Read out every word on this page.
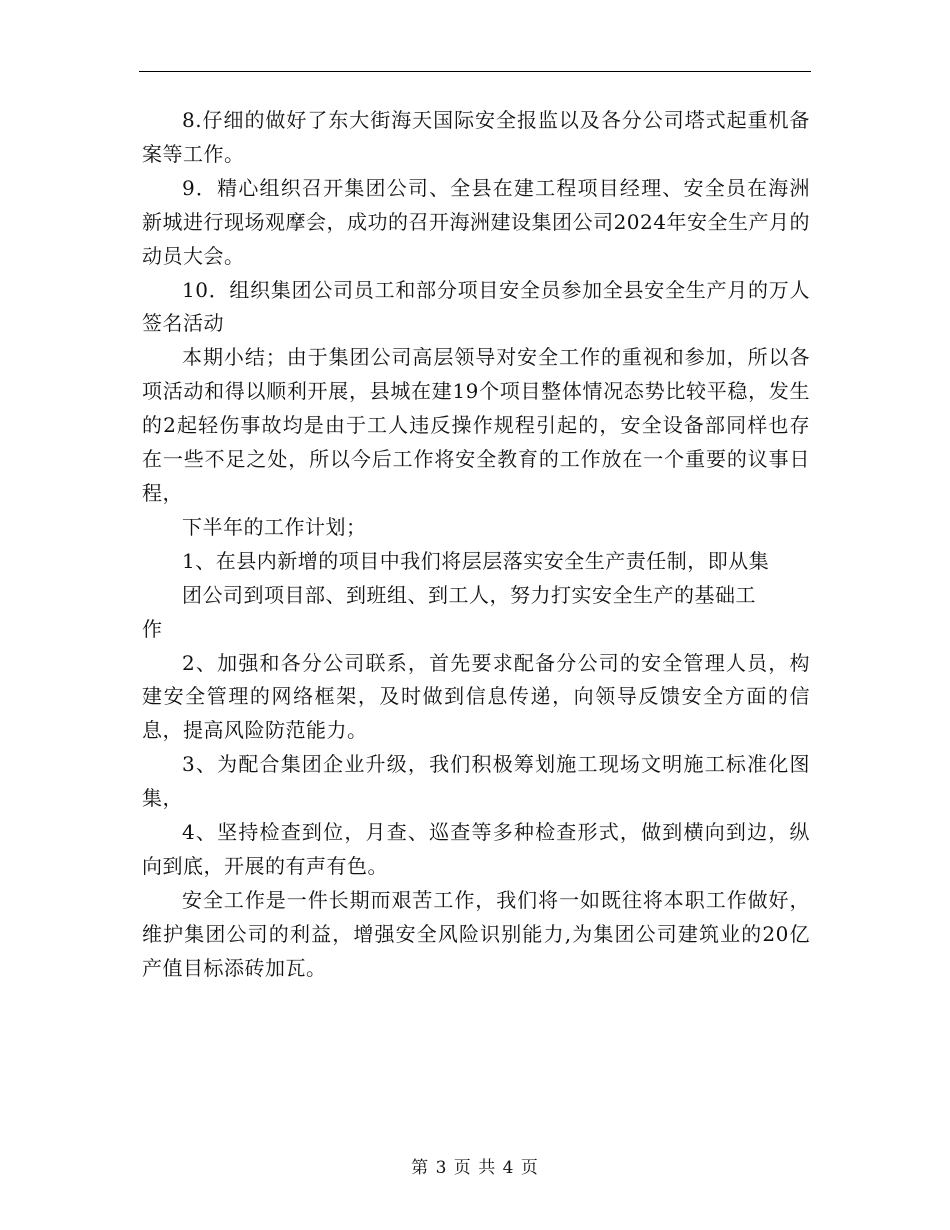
8.仔细的做好了东大街海天国际安全报监以及各分公司塔式起重机备案等工作。

9．精心组织召开集团公司、全县在建工程项目经理、安全员在海洲新城进行现场观摩会，成功的召开海洲建设集团公司2024年安全生产月的动员大会。

10．组织集团公司员工和部分项目安全员参加全县安全生产月的万人签名活动

本期小结；由于集团公司高层领导对安全工作的重视和参加，所以各项活动和得以顺利开展，县城在建19个项目整体情况态势比较平稳，发生的2起轻伤事故均是由于工人违反操作规程引起的，安全设备部同样也存在一些不足之处，所以今后工作将安全教育的工作放在一个重要的议事日程，

下半年的工作计划；

1、在县内新增的项目中我们将层层落实安全生产责任制，即从集

团公司到项目部、到班组、到工人，努力打实安全生产的基础工

作

2、加强和各分公司联系，首先要求配备分公司的安全管理人员，构建安全管理的网络框架，及时做到信息传递，向领导反馈安全方面的信息，提高风险防范能力。

3、为配合集团企业升级，我们积极筹划施工现场文明施工标准化图集，

4、坚持检查到位，月查、巡查等多种检查形式，做到横向到边，纵向到底，开展的有声有色。

安全工作是一件长期而艰苦工作，我们将一如既往将本职工作做好，维护集团公司的利益，增强安全风险识别能力,为集团公司建筑业的20亿产值目标添砖加瓦。

第 3 页 共 4 页
